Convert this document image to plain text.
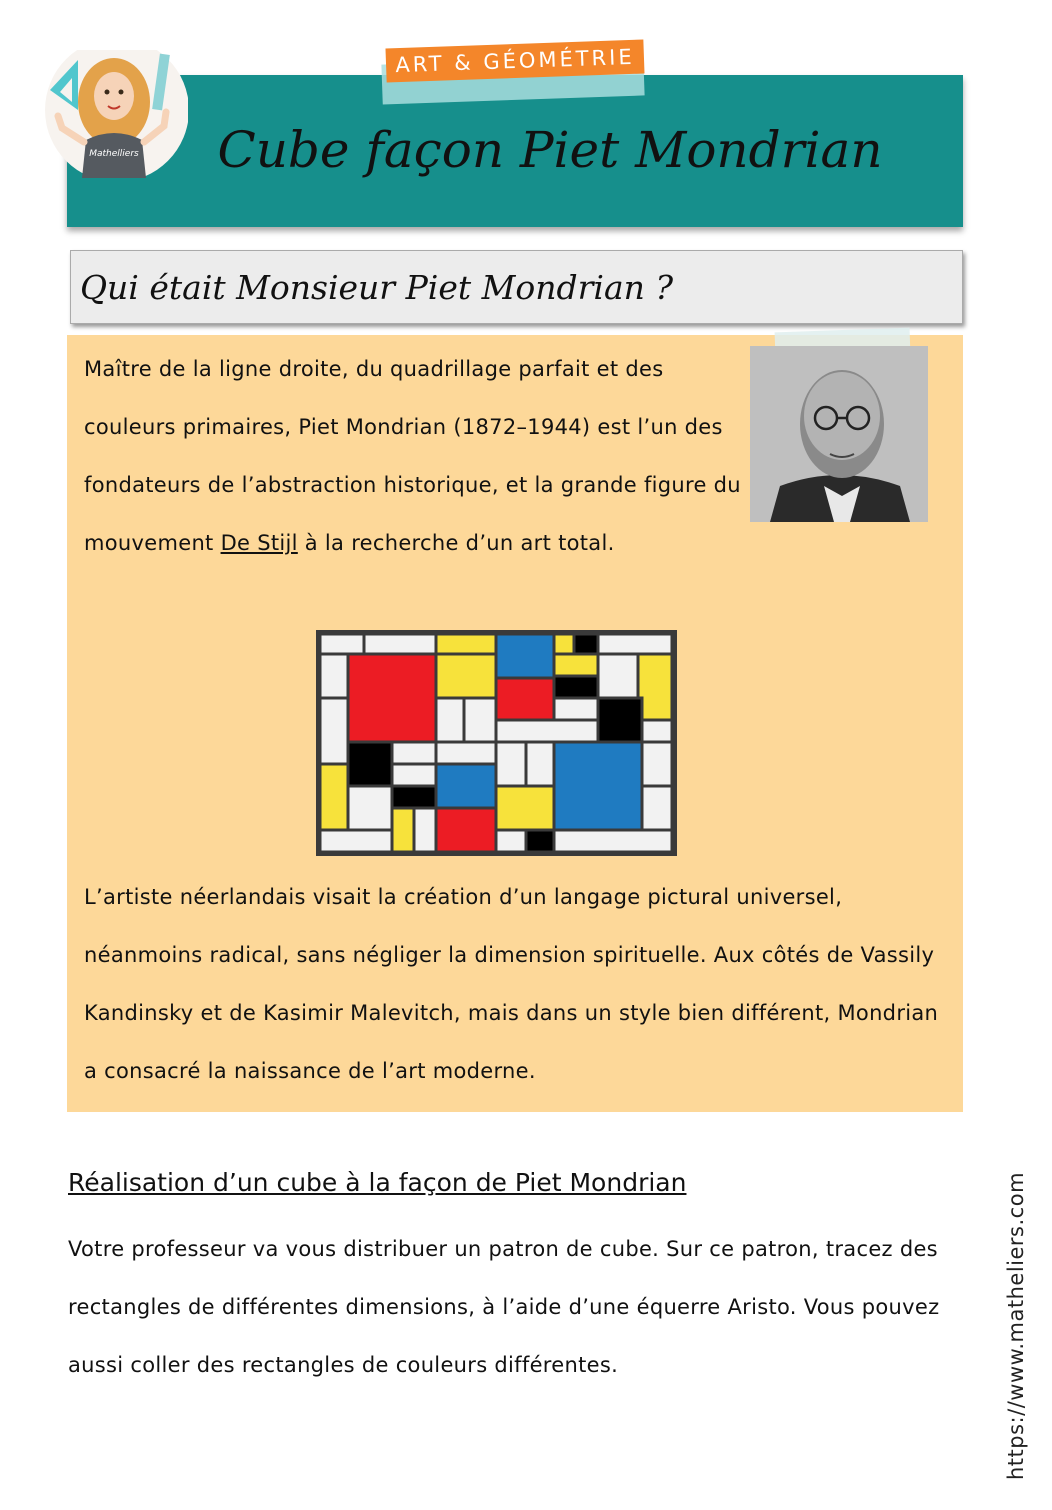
ART & GÉOMÉTRIE
Cube façon Piet Mondrian
Mathelliers
Qui était Monsieur Piet Mondrian ?
Maître de la ligne droite, du quadrillage parfait et des couleurs primaires, Piet Mondrian (1872–1944) est l’un des fondateurs de l’abstraction historique, et la grande figure du mouvement De Stijl à la recherche d’un art total.
L’artiste néerlandais visait la création d’un langage pictural universel, néanmoins radical, sans négliger la dimension spirituelle. Aux côtés de Vassily Kandinsky et de Kasimir Malevitch, mais dans un style bien différent, Mondrian a consacré la naissance de l’art moderne.
Réalisation d’un cube à la façon de Piet Mondrian
Votre professeur va vous distribuer un patron de cube. Sur ce patron, tracez des rectangles de différentes dimensions, à l’aide d’une équerre Aristo. Vous pouvez aussi coller des rectangles de couleurs différentes.	https://www.matheliers.com
